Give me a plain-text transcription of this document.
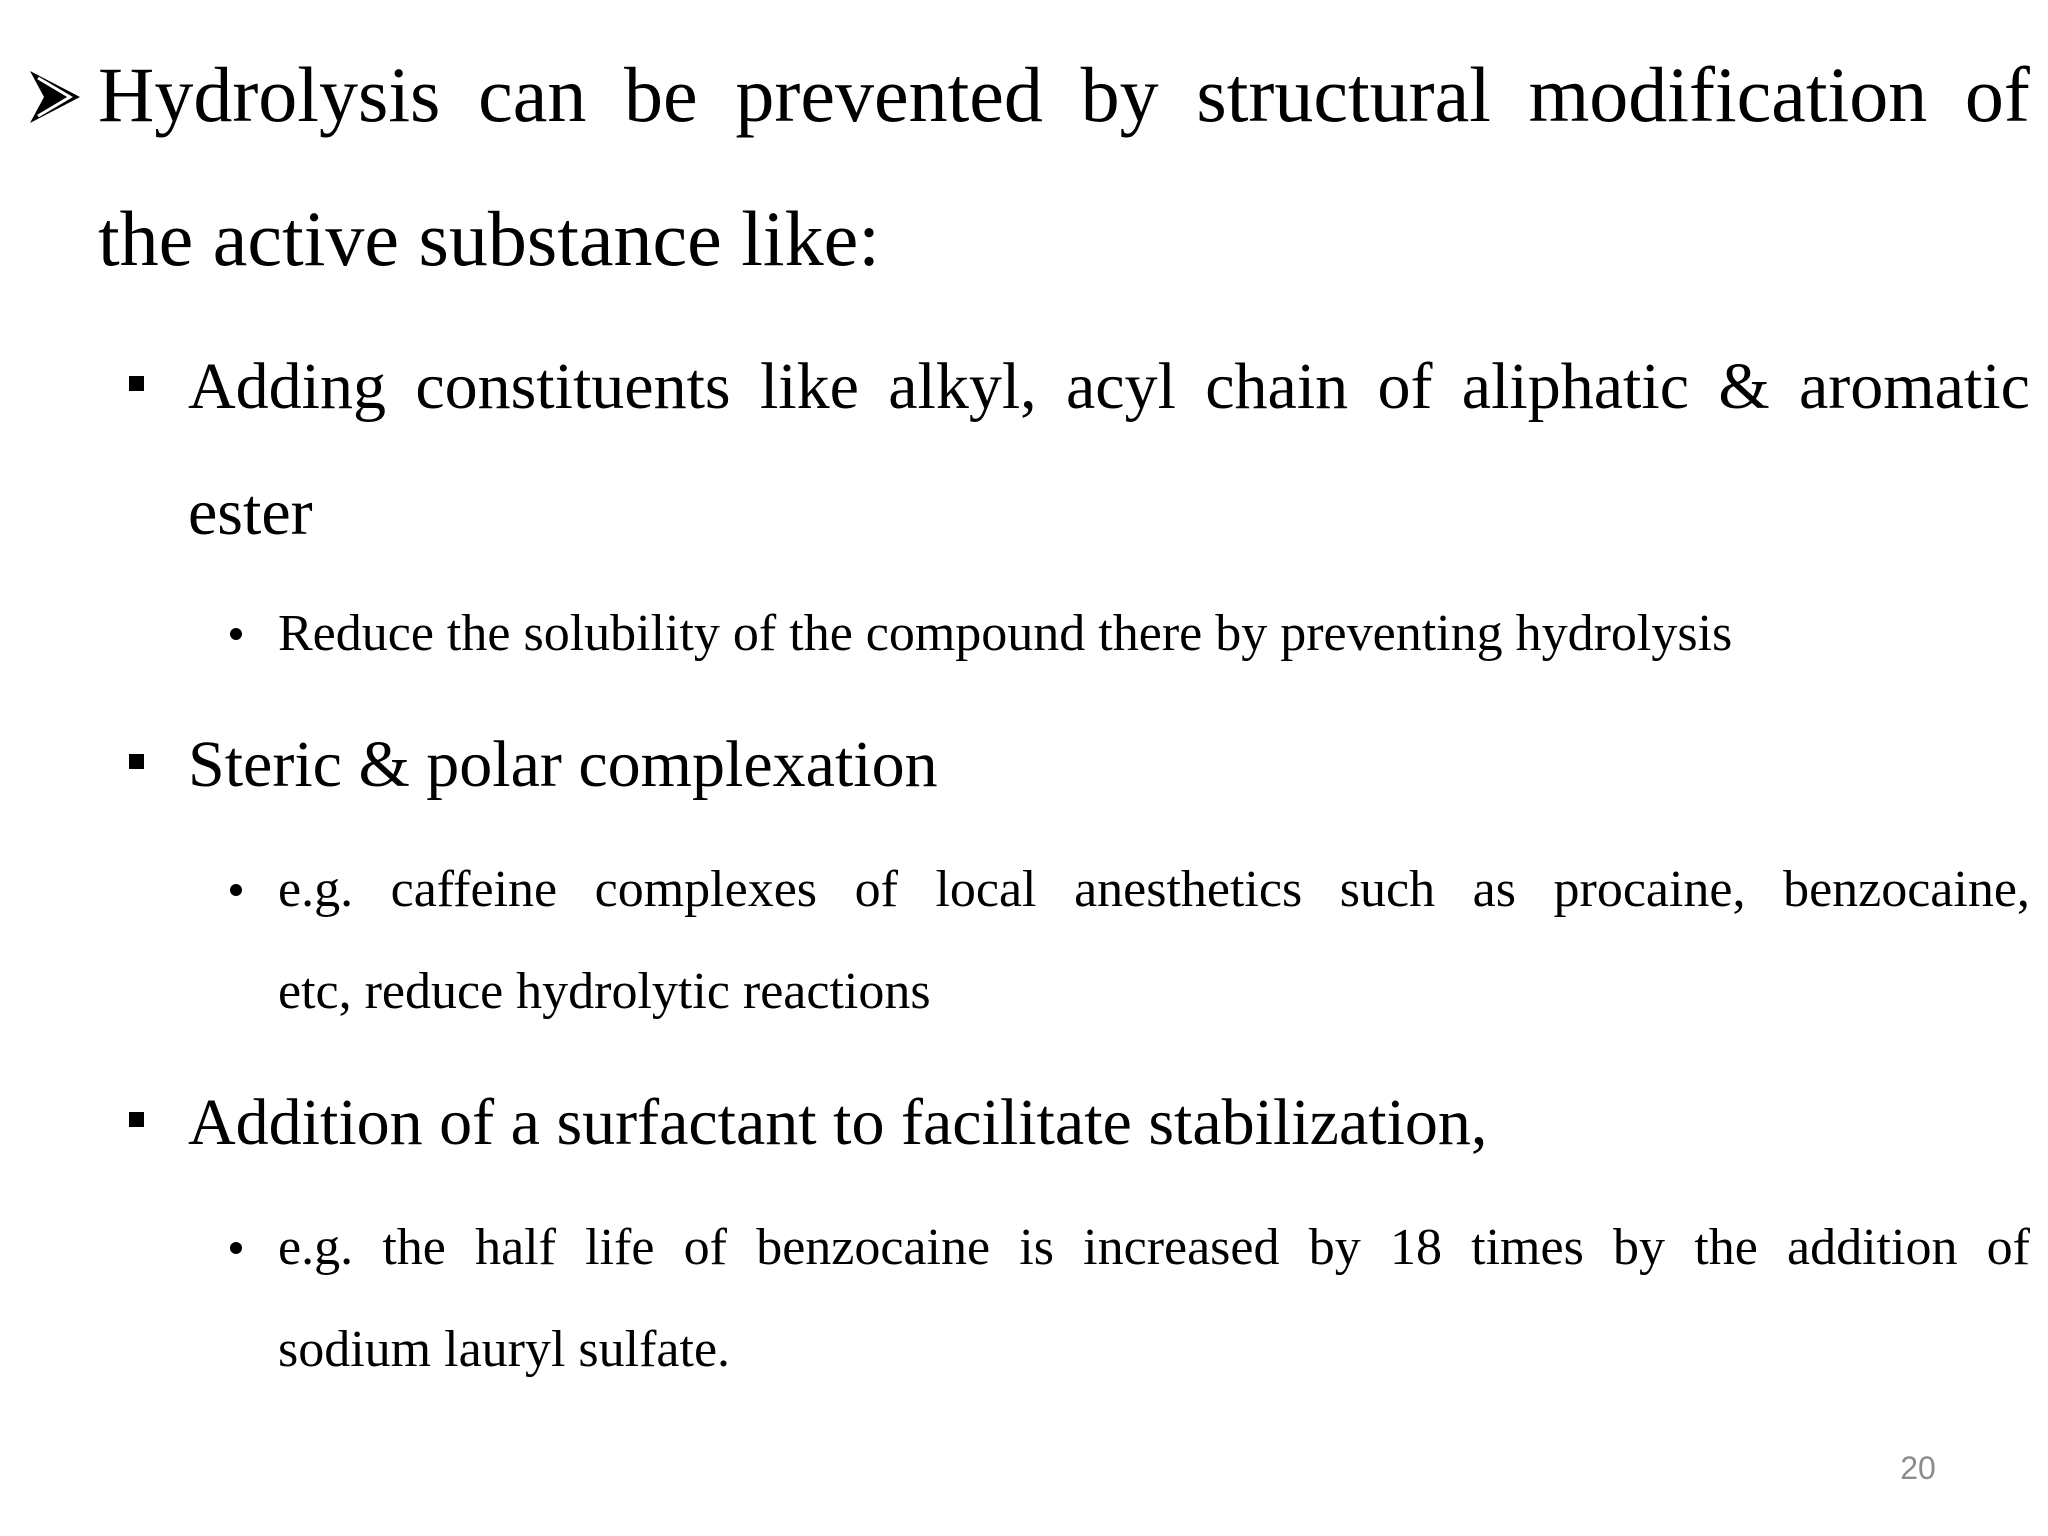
Hydrolysis can be prevented by structural modification of
the active substance like:
Adding constituents like alkyl, acyl chain of aliphatic & aromatic
ester
Reduce the solubility of the compound there by preventing hydrolysis
Steric & polar complexation
e.g. caffeine complexes of local anesthetics such as procaine, benzocaine,
etc, reduce hydrolytic reactions
Addition of a surfactant to facilitate stabilization,
e.g. the half life of benzocaine is increased by 18 times by the addition of
sodium lauryl sulfate.
20
